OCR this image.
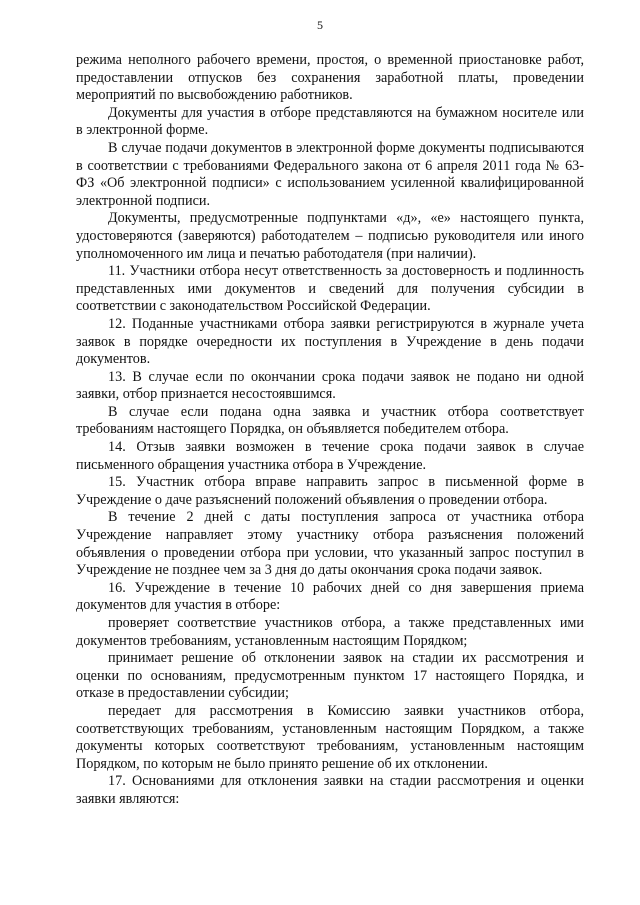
5

режима неполного рабочего времени, простоя, о временной приостановке работ, предоставлении отпусков без сохранения заработной платы, проведении мероприятий по высвобождению работников.

Документы для участия в отборе представляются на бумажном носителе или в электронной форме.

В случае подачи документов в электронной форме документы подписываются в соответствии с требованиями Федерального закона от 6 апреля 2011 года № 63-ФЗ «Об электронной подписи» с использованием усиленной квалифицированной электронной подписи.

Документы, предусмотренные подпунктами «д», «е» настоящего пункта, удостоверяются (заверяются) работодателем – подписью руководителя или иного уполномоченного им лица и печатью работодателя (при наличии).

11. Участники отбора несут ответственность за достоверность и подлинность представленных ими документов и сведений для получения субсидии в соответствии с законодательством Российской Федерации.

12. Поданные участниками отбора заявки регистрируются в журнале учета заявок в порядке очередности их поступления в Учреждение в день подачи документов.

13. В случае если по окончании срока подачи заявок не подано ни одной заявки, отбор признается несостоявшимся.

В случае если подана одна заявка и участник отбора соответствует требованиям настоящего Порядка, он объявляется победителем отбора.

14. Отзыв заявки возможен в течение срока подачи заявок в случае письменного обращения участника отбора в Учреждение.

15. Участник отбора вправе направить запрос в письменной форме в Учреждение о даче разъяснений положений объявления о проведении отбора.

В течение 2 дней с даты поступления запроса от участника отбора Учреждение направляет этому участнику отбора разъяснения положений объявления о проведении отбора при условии, что указанный запрос поступил в Учреждение не позднее чем за 3 дня до даты окончания срока подачи заявок.

16. Учреждение в течение 10 рабочих дней со дня завершения приема документов для участия в отборе:

проверяет соответствие участников отбора, а также представленных ими документов требованиям, установленным настоящим Порядком;

принимает решение об отклонении заявок на стадии их рассмотрения и оценки по основаниям, предусмотренным пунктом 17 настоящего Порядка, и отказе в предоставлении субсидии;

передает для рассмотрения в Комиссию заявки участников отбора, соответствующих требованиям, установленным настоящим Порядком, а также документы которых соответствуют требованиям, установленным настоящим Порядком, по которым не было принято решение об их отклонении.

17. Основаниями для отклонения заявки на стадии рассмотрения и оценки заявки являются:
